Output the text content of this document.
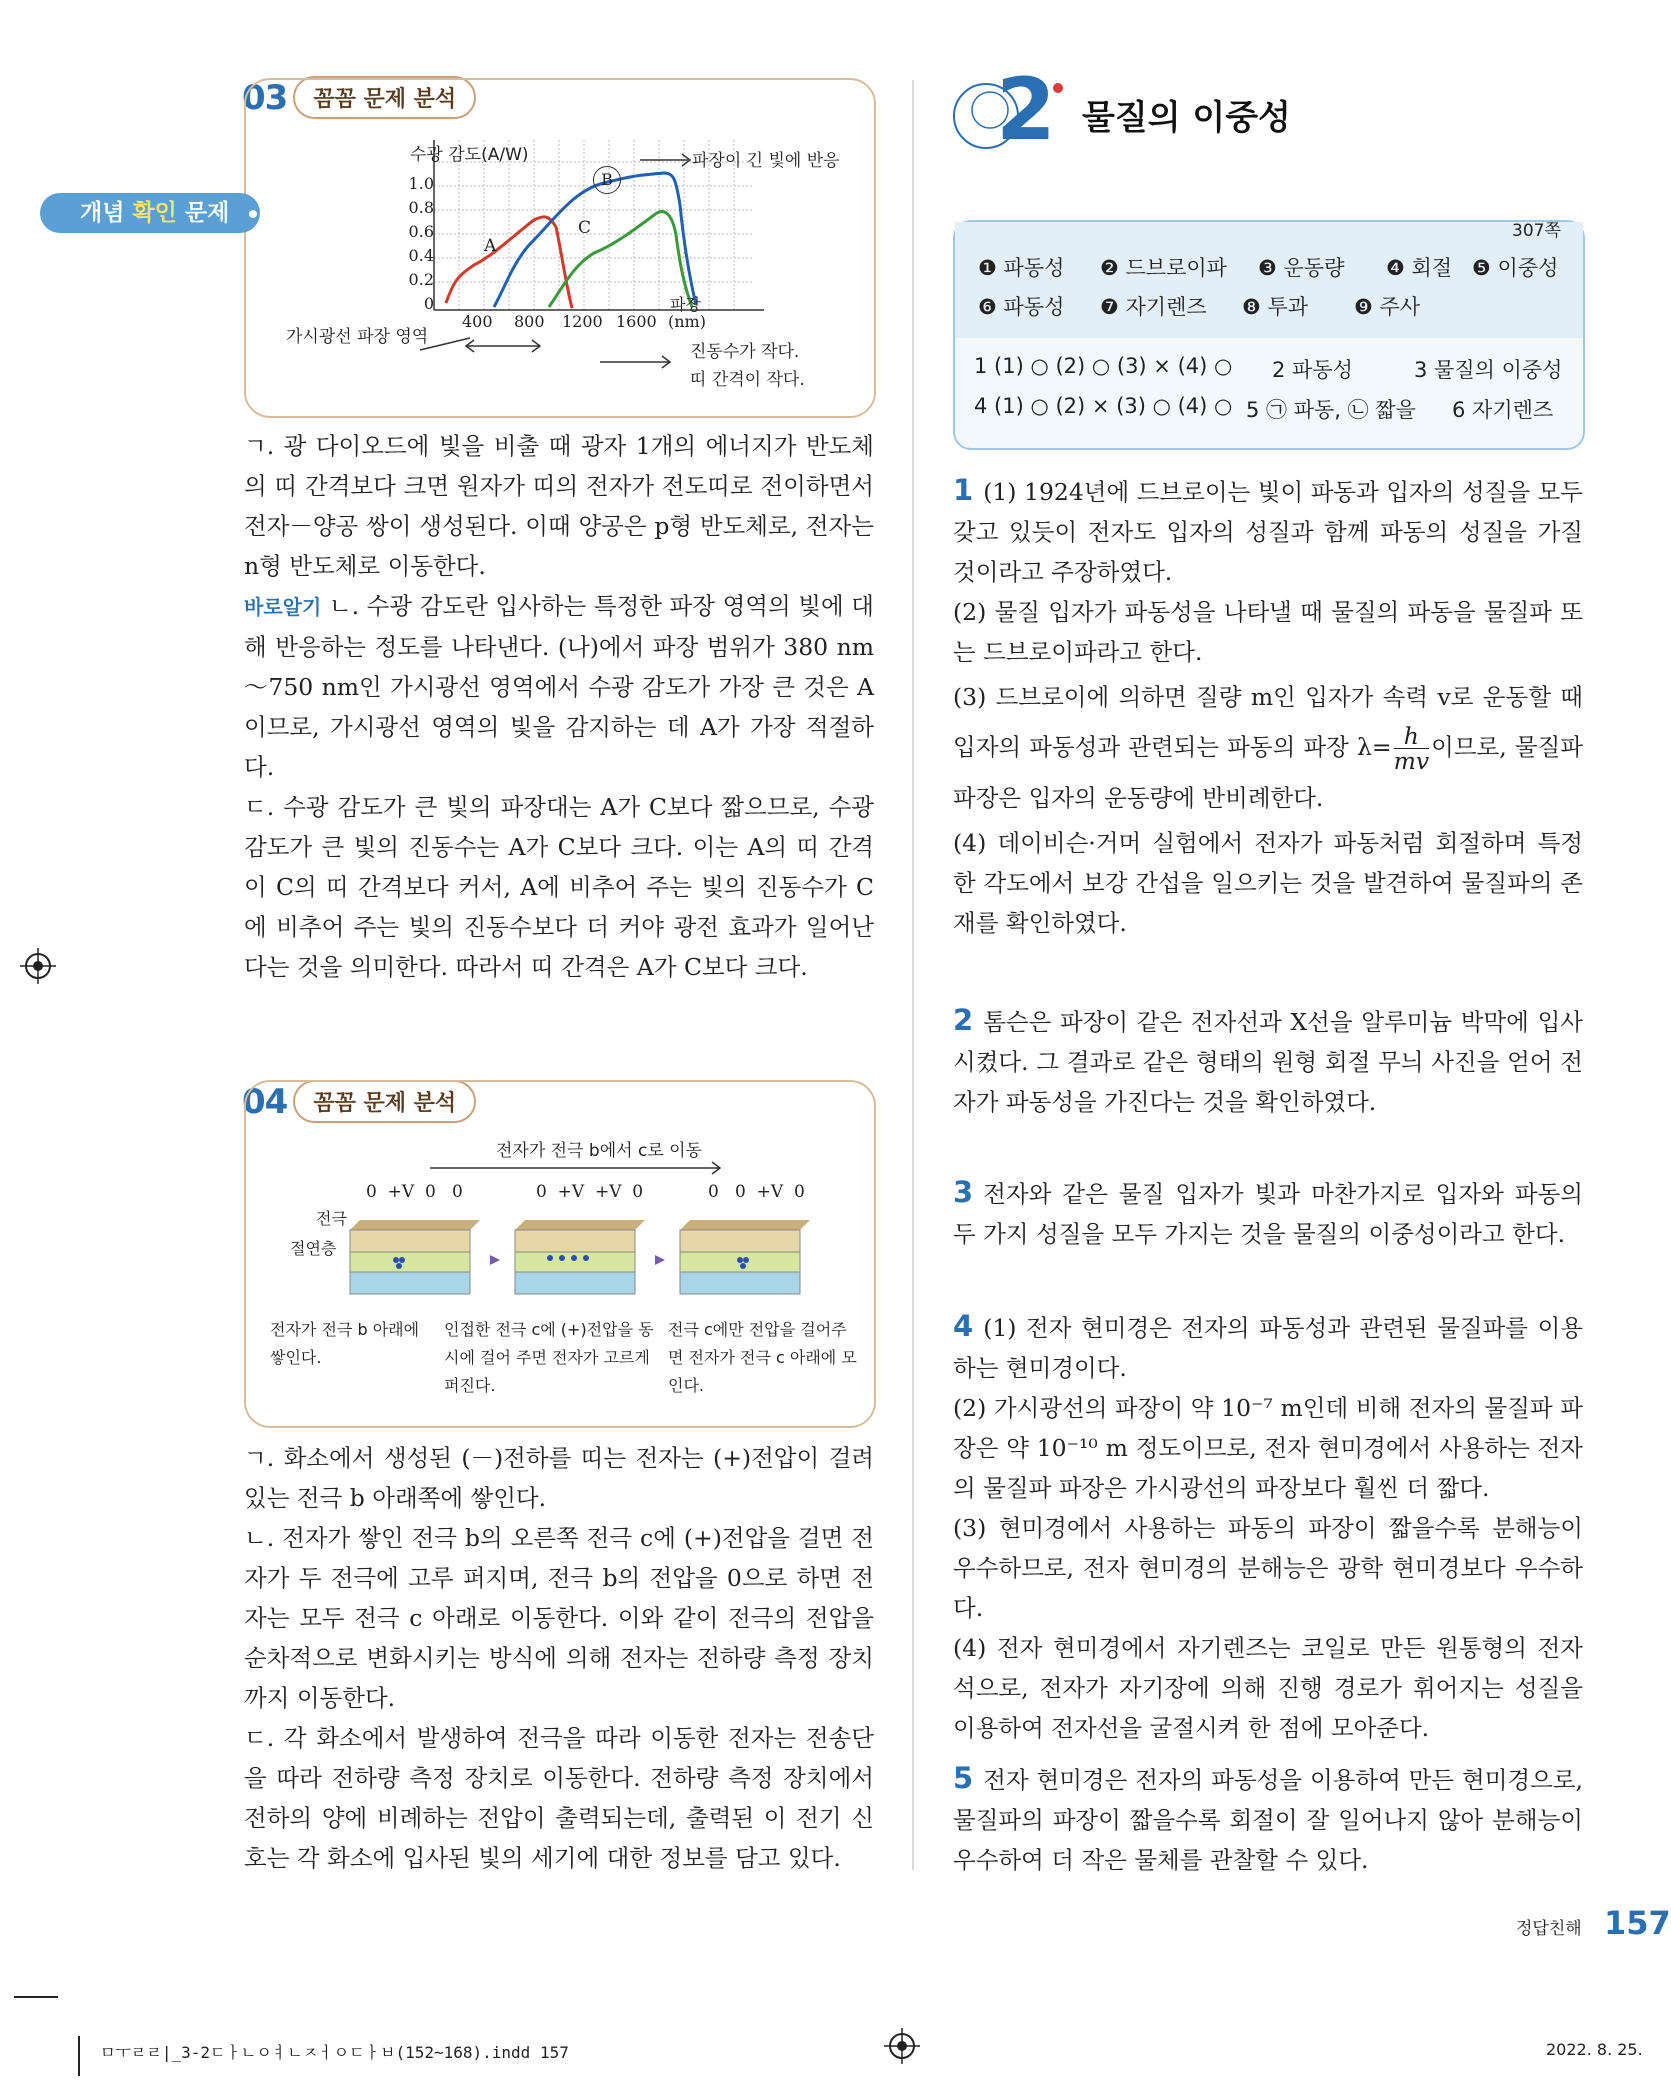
03	꼼꼼 문제 분석
수광 감도(A/W)
1.0
0.8
0.6
0.4
0.2
0
400 800 1200 1600
파장
(nm)
A
B
C
파장이 긴 빛에 반응
가시광선 파장 영역
진동수가 작다.
띠 간격이 작다.

ㄱ. 광 다이오드에 빛을 비출 때 광자 1개의 에너지가 반도체의 띠 간격보다 크면 원자가 띠의 전자가 전도띠로 전이하면서 전자－양공 쌍이 생성된다. 이때 양공은 p형 반도체로, 전자는 n형 반도체로 이동한다.

바로알기 ㄴ. 수광 감도란 입사하는 특정한 파장 영역의 빛에 대해 반응하는 정도를 나타낸다. (나)에서 파장 범위가 380 nm～750 nm인 가시광선 영역에서 수광 감도가 가장 큰 것은 A이므로, 가시광선 영역의 빛을 감지하는 데 A가 가장 적절하다.

ㄷ. 수광 감도가 큰 빛의 파장대는 A가 C보다 짧으므로, 수광 감도가 큰 빛의 진동수는 A가 C보다 크다. 이는 A의 띠 간격이 C의 띠 간격보다 커서, A에 비추어 주는 빛의 진동수가 C에 비추어 주는 빛의 진동수보다 더 커야 광전 효과가 일어난다는 것을 의미한다. 따라서 띠 간격은 A가 C보다 크다.

04	꼼꼼 문제 분석
전자가 전극 b에서 c로 이동
0  +V  0   0	0  +V  +V  0	0   0  +V  0
전극
절연층
전자가 전극 b 아래에 쌓인다.
인접한 전극 c에 (+)전압을 동시에 걸어 주면 전자가 고르게 퍼진다.
전극 c에만 전압을 걸어주면 전자가 전극 c 아래에 모인다.

ㄱ. 화소에서 생성된 (－)전하를 띠는 전자는 (+)전압이 걸려 있는 전극 b 아래쪽에 쌓인다.

ㄴ. 전자가 쌓인 전극 b의 오른쪽 전극 c에 (+)전압을 걸면 전자가 두 전극에 고루 퍼지며, 전극 b의 전압을 0으로 하면 전자는 모두 전극 c 아래로 이동한다. 이와 같이 전극의 전압을 순차적으로 변화시키는 방식에 의해 전자는 전하량 측정 장치까지 이동한다.

ㄷ. 각 화소에서 발생하여 전극을 따라 이동한 전자는 전송단을 따라 전하량 측정 장치로 이동한다. 전하량 측정 장치에서 전하의 양에 비례하는 전압이 출력되는데, 출력된 이 전기 신호는 각 화소에 입사된 빛의 세기에 대한 정보를 담고 있다.

2 물질의 이중성
개념 확인 문제
307쪽
❶ 파동성 ❷ 드브로이파 ❸ 운동량 ❹ 회절 ❺ 이중성
❻ 파동성 ❼ 자기렌즈 ❽ 투과 ❾ 주사
1 (1) ○ (2) ○ (3) × (4) ○ 2 파동성	3 물질의 이중성
4 (1) ○ (2) × (3) ○ (4) ○ 5 ㉠ 파동, ㉡ 짧을 6 자기렌즈

1 (1) 1924년에 드브로이는 빛이 파동과 입자의 성질을 모두 갖고 있듯이 전자도 입자의 성질과 함께 파동의 성질을 가질 것이라고 주장하였다.

(2) 물질 입자가 파동성을 나타낼 때 물질의 파동을 물질파 또는 드브로이파라고 한다.

(3) 드브로이에 의하면 질량 m인 입자가 속력 v로 운동할 때 입자의 파동성과 관련되는 파동의 파장 $\lambda= \frac{h}{mv}$ 이므로, 물질파 파장은 입자의 운동량에 반비례한다.

(4) 데이비슨·거머 실험에서 전자가 파동처럼 회절하며 특정한 각도에서 보강 간섭을 일으키는 것을 발견하여 물질파의 존재를 확인하였다.

2 톰슨은 파장이 같은 전자선과 X선을 알루미늄 박막에 입사시켰다. 그 결과로 같은 형태의 원형 회절 무늬 사진을 얻어 전자가 파동성을 가진다는 것을 확인하였다.

3 전자와 같은 물질 입자가 빛과 마찬가지로 입자와 파동의 두 가지 성질을 모두 가지는 것을 물질의 이중성이라고 한다.

4 (1) 전자 현미경은 전자의 파동성과 관련된 물질파를 이용하는 현미경이다.

(2) 가시광선의 파장이 약 10⁻⁷ m인데 비해 전자의 물질파 파장은 약 10⁻¹⁰ m 정도이므로, 전자 현미경에서 사용하는 전자의 물질파 파장은 가시광선의 파장보다 훨씬 더 짧다.

(3) 현미경에서 사용하는 파동의 파장이 짧을수록 분해능이 우수하므로, 전자 현미경의 분해능은 광학 현미경보다 우수하다.

(4) 전자 현미경에서 자기렌즈는 코일로 만든 원통형의 전자석으로, 전자가 자기장에 의해 진행 경로가 휘어지는 성질을 이용하여 전자선을 굴절시켜 한 점에 모아준다.

5 전자 현미경은 전자의 파동성을 이용하여 만든 현미경으로, 물질파의 파장이 짧을수록 회절이 잘 일어나지 않아 분해능이 우수하여 더 작은 물체를 관찰할 수 있다.

정답친해 157
ㅁㅜㄹㄹ|_3-2ㄷㅏㄴㅇㅕㄴㅈㅓㅇㄷㅏㅂ(152~168).indd 157	2022. 8. 25.
